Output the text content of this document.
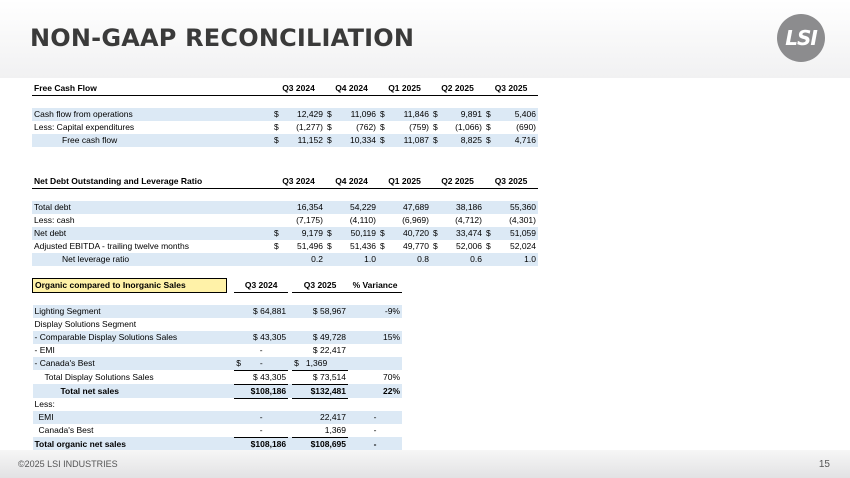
NON-GAAP RECONCILIATION	LSI
Free Cash Flow	Q3 2024		Q4 2024		Q1 2025		Q2 2025		Q3 2025	

Cash flow from operations	$	12,429	$	11,096	$	11,846	$	9,891	$	5,406
Less: Capital expenditures	$	(1,277)	$	(762)	$	(759)	$	(1,066)	$	(690)
Free cash flow	$	11,152	$	10,334	$	11,087	$	8,825	$	4,716
Net Debt Outstanding and Leverage Ratio	Q3 2024		Q4 2024		Q1 2025		Q2 2025		Q3 2025	

Total debt		16,354		54,229		47,689		38,186		55,360
Less: cash		(7,175)		(4,110)		(6,969)		(4,712)		(4,301)
Net debt	$	9,179	$	50,119	$	40,720	$	33,474	$	51,059
Adjusted EBITDA - trailing twelve months	$	51,496	$	51,436	$	49,770	$	52,006	$	52,024
Net leverage ratio		0.2		1.0		0.8		0.6		1.0
Organic compared to Inorganic Sales		Q3 2024		Q3 2025	% Variance

Lighting Segment		$ 64,881		$ 58,967	-9%
Display Solutions Segment					
- Comparable Display Solutions Sales		$ 43,305		$ 49,728	15%
- EMI		-		$ 22,417	
- Canada's Best		$        -		$   1,369	
Total Display Solutions Sales		$ 43,305		$ 73,514	70%
Total net sales		$108,186		$132,481	22%
Less:					
EMI		-		22,417	-
Canada's Best		-		1,369	-
Total organic net sales		$108,186		$108,695	-
©2025 LSI INDUSTRIES	15
